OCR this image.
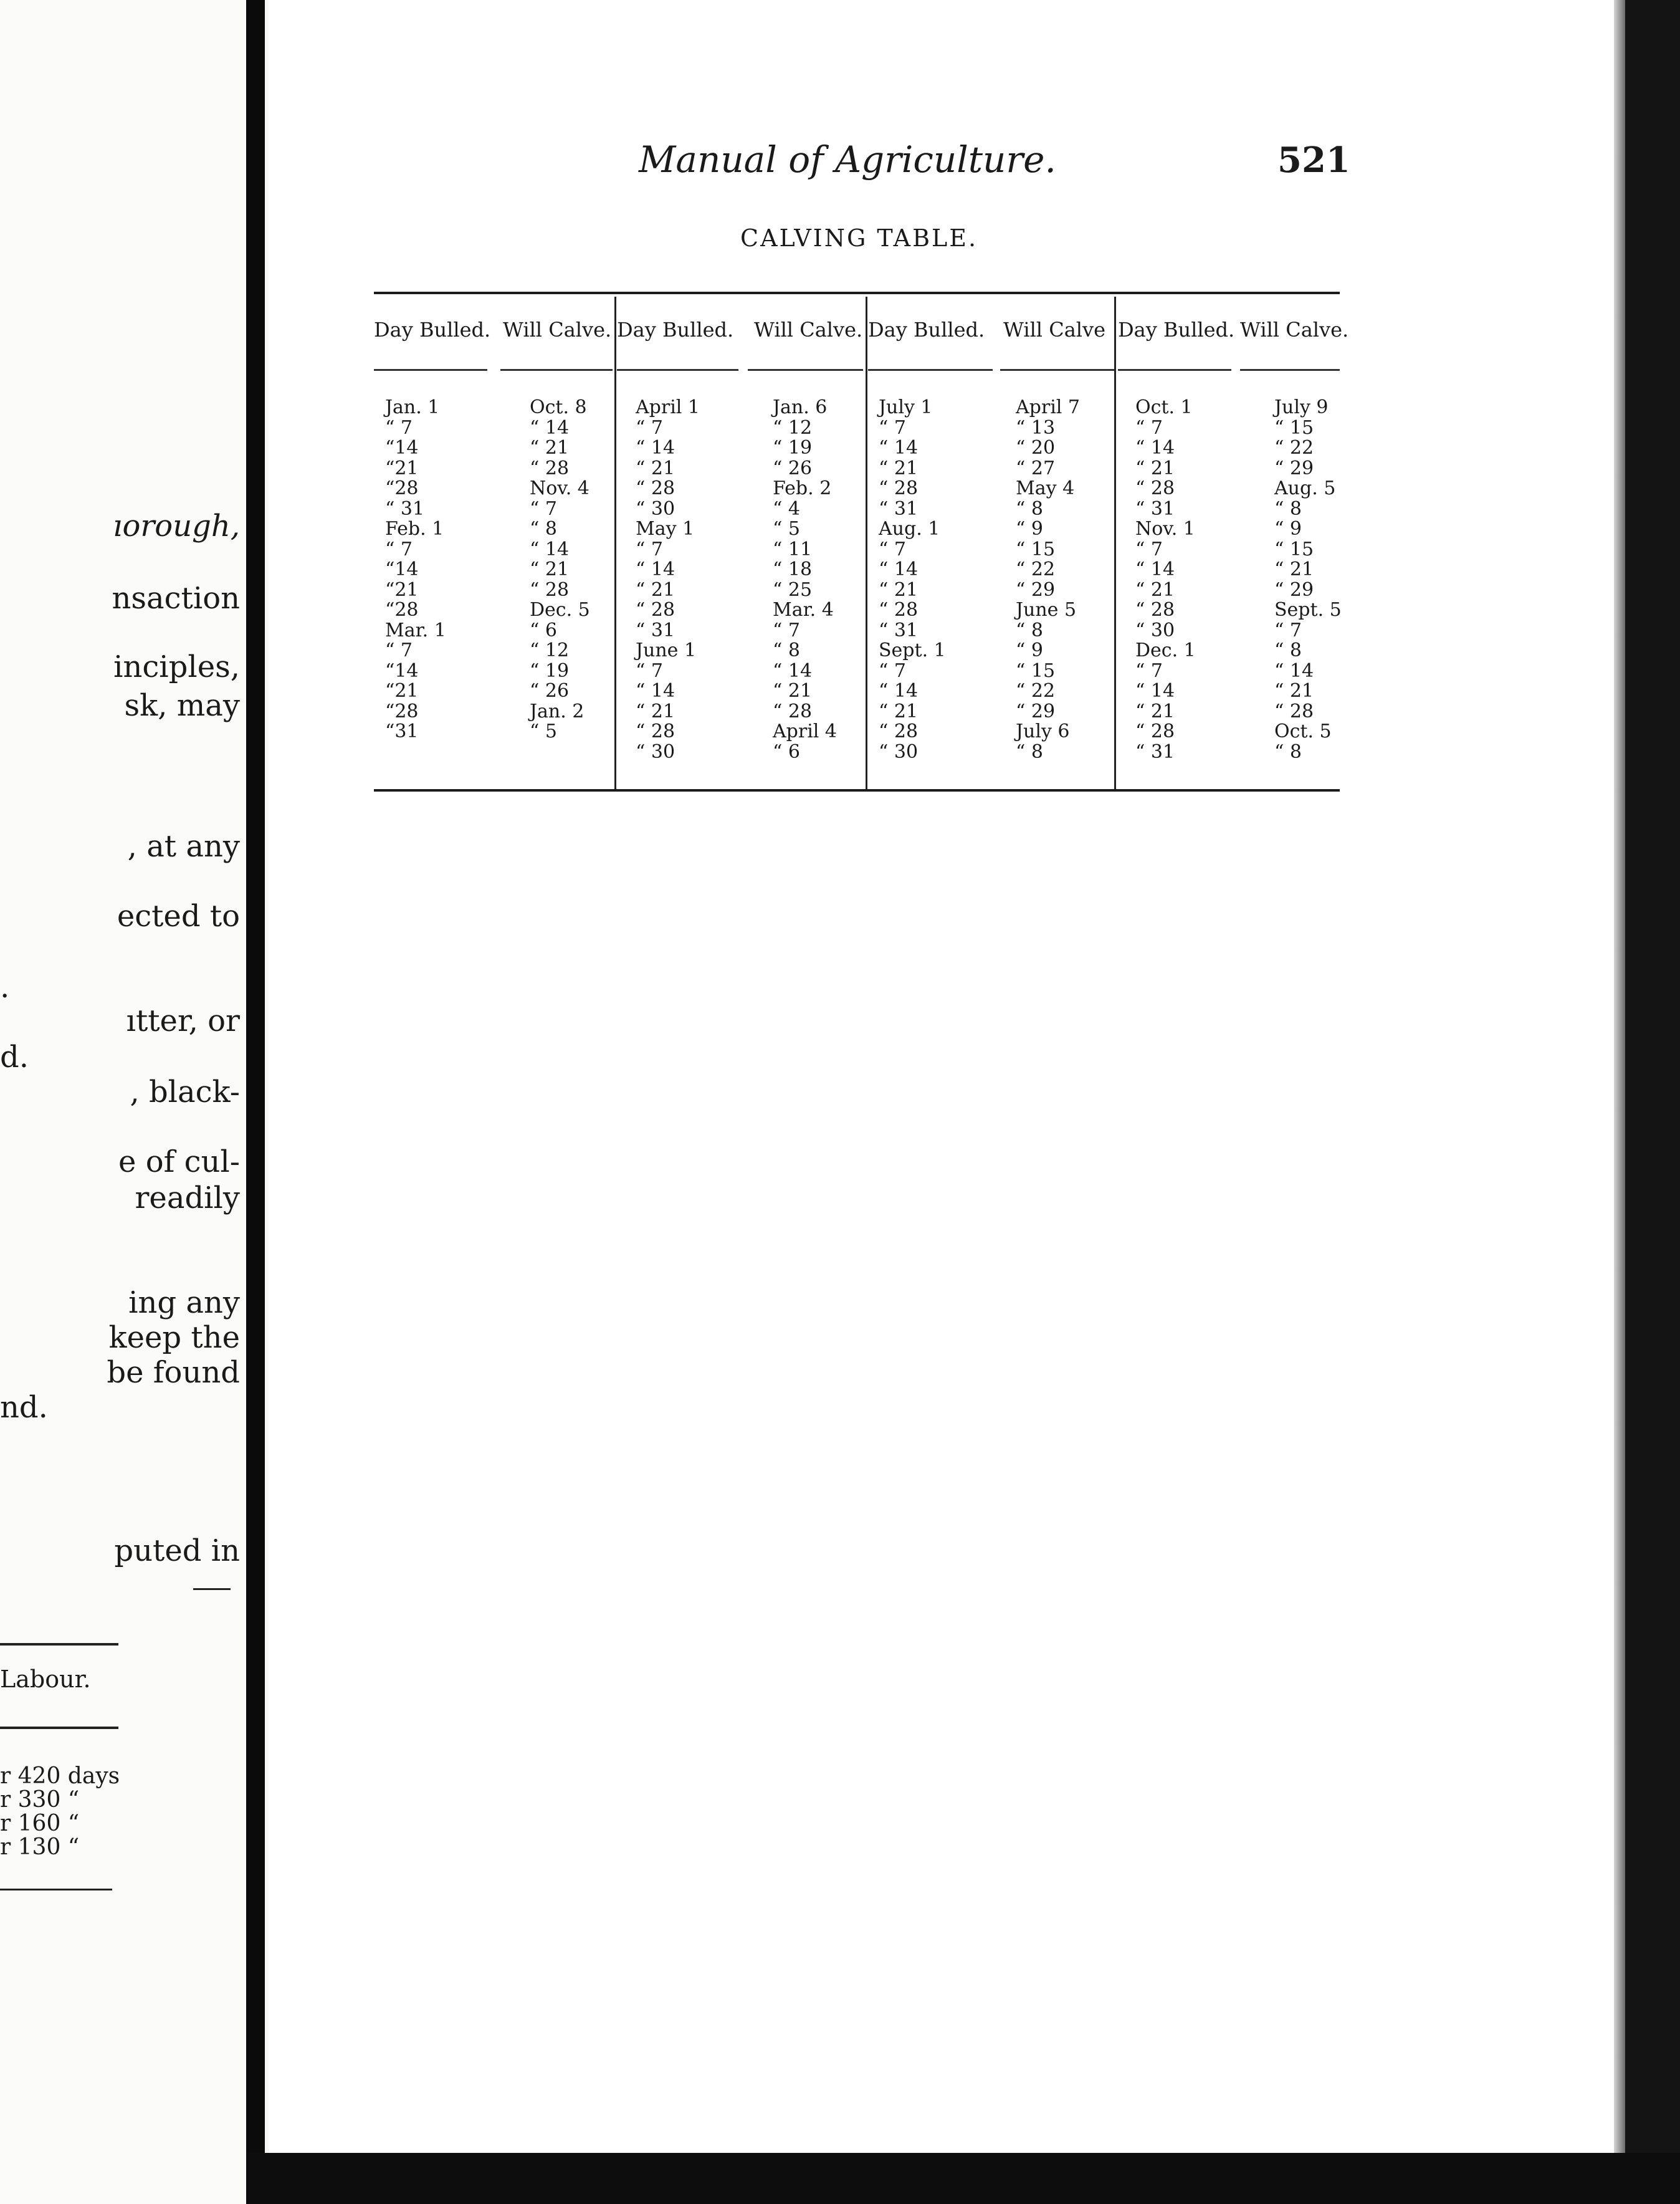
ıorough,
nsaction
inciples,
sk, may
, at any
ected to
.
ıtter, or
d.
, black-
e of cul-
readily
ing any
keep the
be found
nd.
puted in
Labour.
r 420 days
r 330 “
r 160 “
r 130 “
Manual of Agriculture.	521
CALVING TABLE.
Day Bulled. Will Calve. Day Bulled. Will Calve. Day Bulled. Will Calve Day Bulled. Will Calve.
Jan. 1
“ 7
“14
“21
“28
“ 31
Feb. 1
“ 7
“14
“21
“28
Mar. 1
“ 7
“14
“21
“28
“31
Oct. 8
“ 14
“ 21
“ 28
Nov. 4
“ 7
“ 8
“ 14
“ 21
“ 28
Dec. 5
“ 6
“ 12
“ 19
“ 26
Jan. 2
“ 5
April 1
“ 7
“ 14
“ 21
“ 28
“ 30
May 1
“ 7
“ 14
“ 21
“ 28
“ 31
June 1
“ 7
“ 14
“ 21
“ 28
“ 30
Jan. 6
“ 12
“ 19
“ 26
Feb. 2
“ 4
“ 5
“ 11
“ 18
“ 25
Mar. 4
“ 7
“ 8
“ 14
“ 21
“ 28
April 4
“ 6
July 1
“ 7
“ 14
“ 21
“ 28
“ 31
Aug. 1
“ 7
“ 14
“ 21
“ 28
“ 31
Sept. 1
“ 7
“ 14
“ 21
“ 28
“ 30
April 7
“ 13
“ 20
“ 27
May 4
“ 8
“ 9
“ 15
“ 22
“ 29
June 5
“ 8
“ 9
“ 15
“ 22
“ 29
July 6
“ 8
Oct. 1
“ 7
“ 14
“ 21
“ 28
“ 31
Nov. 1
“ 7
“ 14
“ 21
“ 28
“ 30
Dec. 1
“ 7
“ 14
“ 21
“ 28
“ 31
July 9
“ 15
“ 22
“ 29
Aug. 5
“ 8
“ 9
“ 15
“ 21
“ 29
Sept. 5
“ 7
“ 8
“ 14
“ 21
“ 28
Oct. 5
“ 8
